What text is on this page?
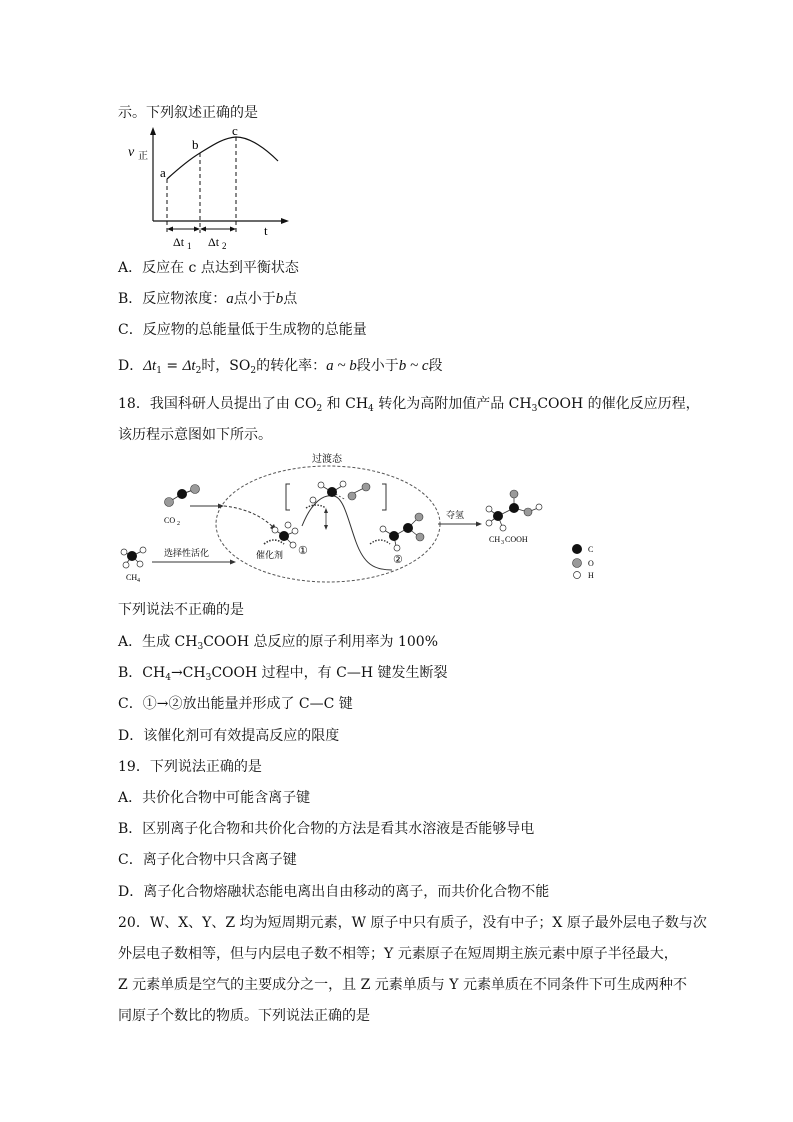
示。下列叙述正确的是
v 正
t
a
b
c
Δt 1 Δt 2
A．反应在 c 点达到平衡状态
B．反应物浓度：a点小于b点
C．反应物的总能量低于生成物的总能量
D．$\Delta t_1 = \Delta t_2$时，$SO_2$的转化率：a ~ b段小于b ~ c段
18．我国科研人员提出了由 $CO_2$ 和 $CH_4$ 转化为高附加值产品 $CH_3COOH$ 的催化反应历程，
该历程示意图如下所示。
过渡态
CO 2
CH 4
选择性活化	催化剂 ①
②
夺氢
CH 3 COOH
C
O
H
下列说法不正确的是
A．生成 $CH_3COOH$ 总反应的原子利用率为 100%
B．$CH_4\to CH_3COOH$ 过程中，有 C—H 键发生断裂
C．①→②放出能量并形成了 C—C 键
D．该催化剂可有效提高反应的限度
19．下列说法正确的是
A．共价化合物中可能含离子键
B．区别离子化合物和共价化合物的方法是看其水溶液是否能够导电
C．离子化合物中只含离子键
D．离子化合物熔融状态能电离出自由移动的离子，而共价化合物不能
20．W、X、Y、Z 均为短周期元素，W 原子中只有质子，没有中子；X 原子最外层电子数与次
外层电子数相等，但与内层电子数不相等；Y 元素原子在短周期主族元素中原子半径最大，
Z 元素单质是空气的主要成分之一，且 Z 元素单质与 Y 元素单质在不同条件下可生成两种不
同原子个数比的物质。下列说法正确的是
